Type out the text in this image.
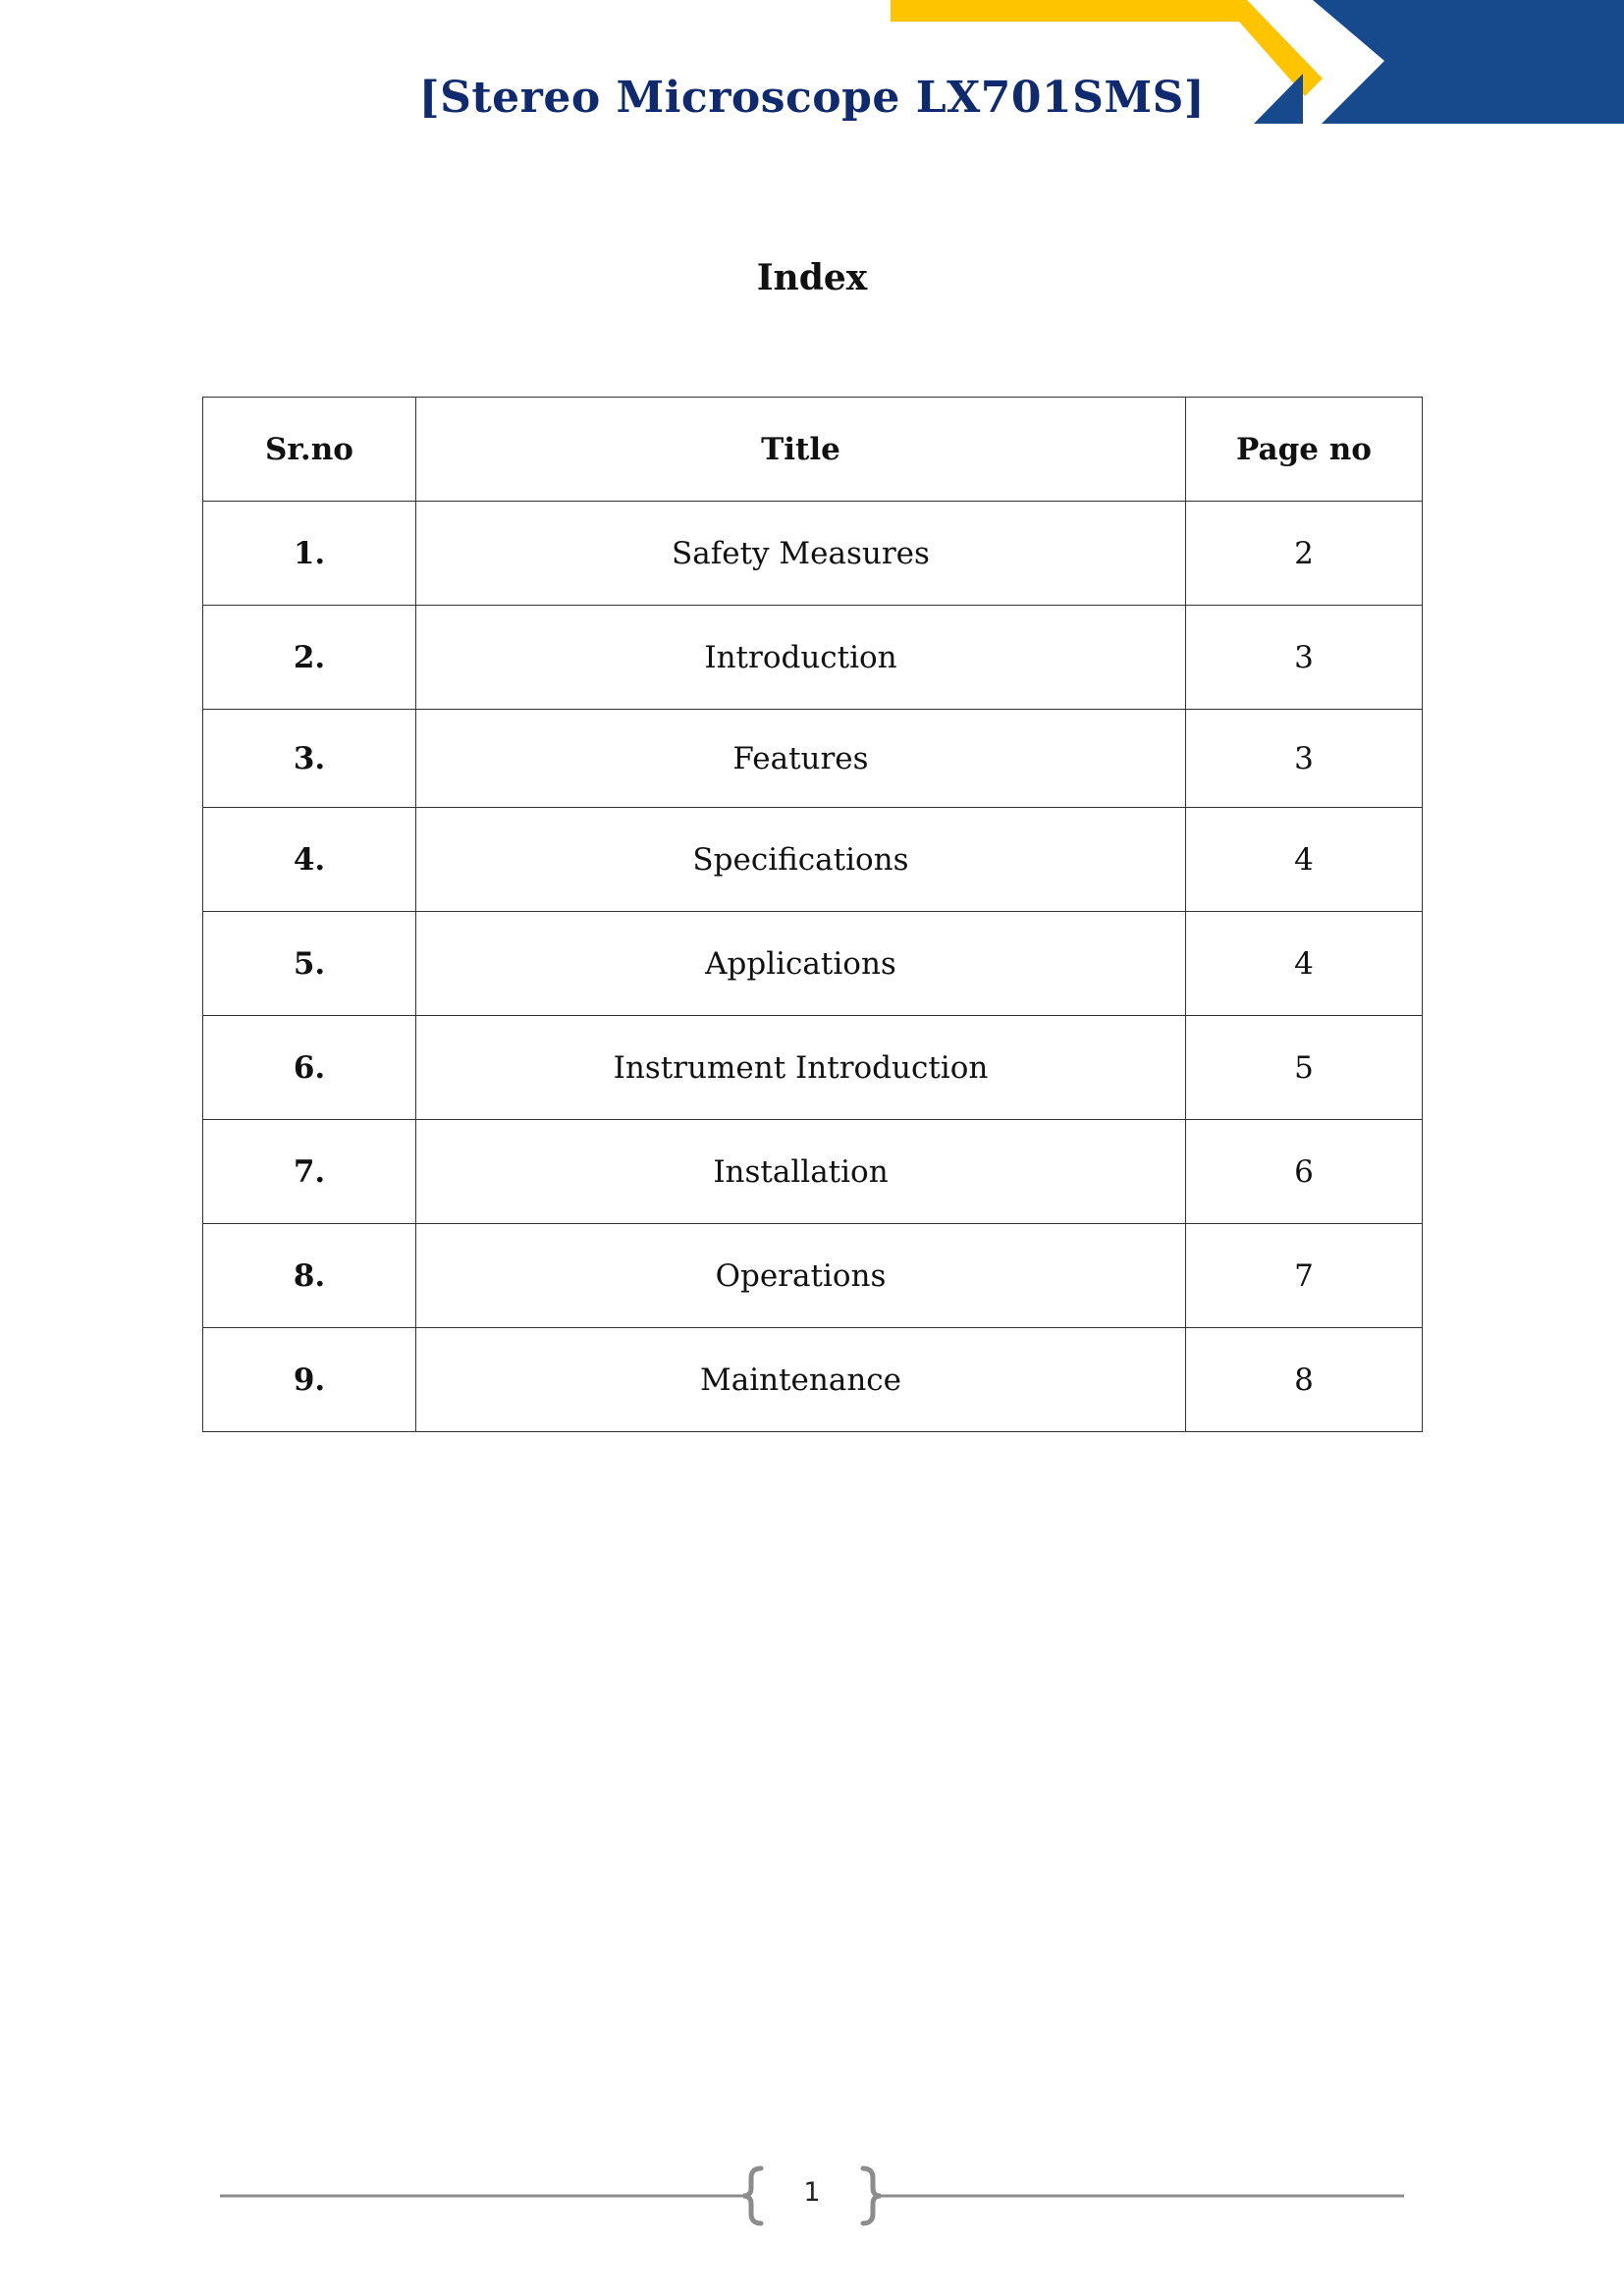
[Stereo Microscope LX701SMS]
Index
Sr.no	Title	Page no
1.	Safety Measures	2
2.	Introduction	3
3.	Features	3
4.	Specifications	4
5.	Applications	4
6.	Instrument Introduction	5
7.	Installation	6
8.	Operations	7
9.	Maintenance	8
1
